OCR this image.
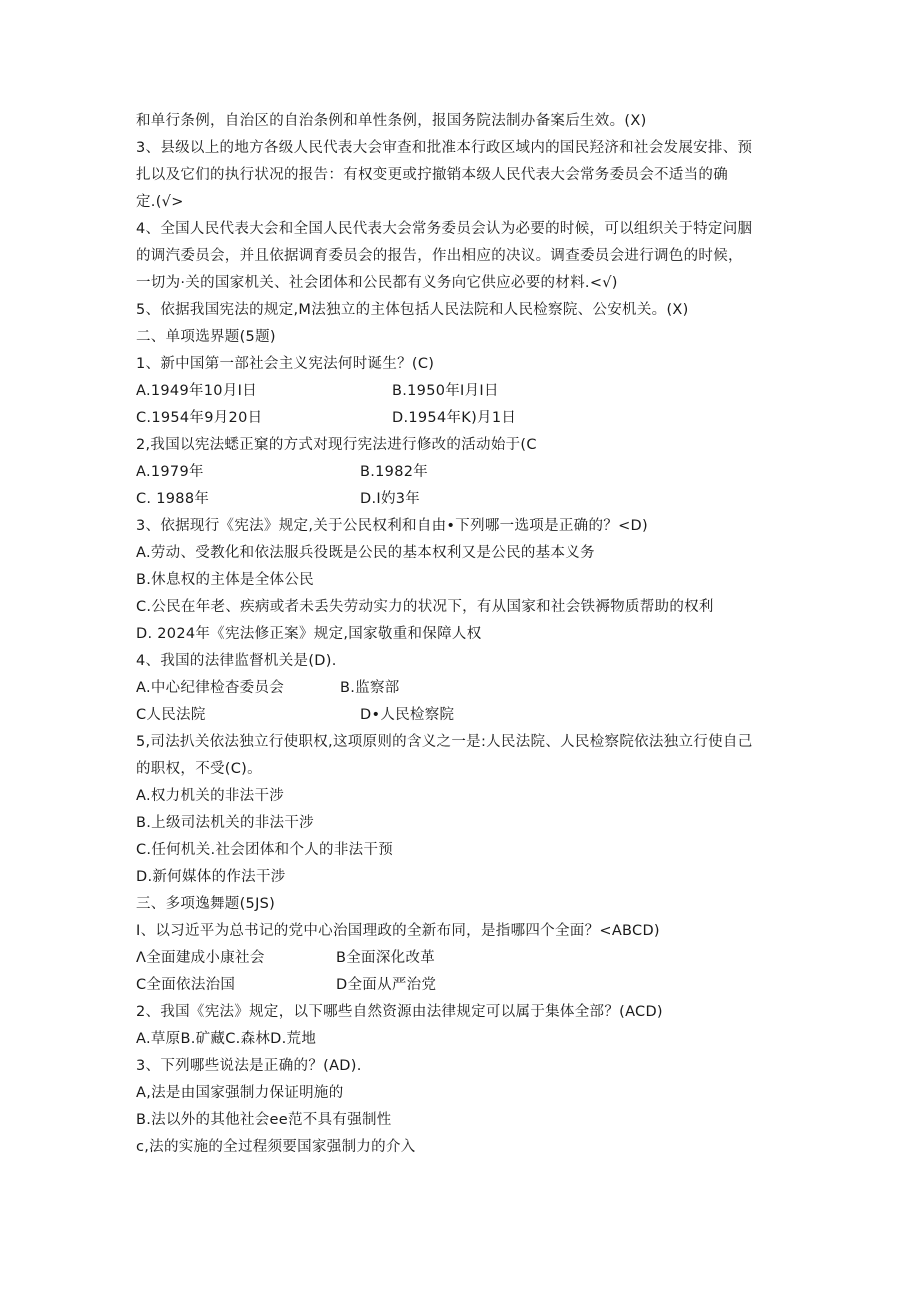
和单行条例，自治区的自治条例和单性条例，报国务院法制办备案后生效。(X)
3、县级以上的地方各级人民代表大会审查和批准本行政区域内的国民羟济和社会发展安排、预
扎以及它们的执行状况的报告：有权变更或拧撤销本级人民代表大会常务委员会不适当的确
定.(√>
4、全国人民代表大会和全国人民代表大会常务委员会认为必要的时候，可以组织关于特定问胭
的调汽委员会，并且依据调育委员会的报告，作出相应的决议。调查委员会进行调色的时候，
一切为·关的国家机关、社会团体和公民都有义务向它供应必要的材料.<√)
5、依据我国宪法的规定,M法独立的主体包括人民法院和人民检察院、公安机关。(X)
二、单项选界题(5题)
1、新中国第一部社会主义宪法何时诞生？(C)
A.1949年10月I日	B.1950年I月I日
C.1954年9月20日	D.1954年K)月1日
2,我国以宪法蟋正窠的方式对现行宪法进行修改的活动始于(C
A.1979年	B.1982年
C. 1988年	D.I妁3年
3、依据现行《宪法》规定,关于公民权利和自由•下列哪一选项是正确的？<D)
A.劳动、受教化和依法服兵役既是公民的基本权利又是公民的基本义务
B.休息权的主体是全体公民
C.公民在年老、疾病或者未丢失劳动实力的状况下，有从国家和社会铁褥物质帮助的权利
D. 2024年《宪法修正案》规定,国家敬重和保障人权
4、我国的法律监督机关是(D).
A.中心纪律检杳委员会	B.监察部
C人民法院	D•人民检察院
5,司法扒关依法独立行使职权,这项原则的含义之一是:人民法院、人民检察院依法独立行使自己
的职权，不受(C)。
A.权力机关的非法干涉
B.上级司法机关的非法干涉
C.任何机关.社会团体和个人的非法干预
D.新何媒体的作法干涉
三、多项逸舞题(5JS)
I、以习近平为总书记的党中心治国理政的全新布同，是指哪四个全面？<ABCD)
Λ全面建成小康社会	B全面深化改革
C全面依法治国	D全面从严治党
2、我国《宪法》规定，以下哪些自然资源由法律规定可以属于集体全部？(ACD)
A.草原B.矿藏C.森林D.荒地
3、下列哪些说法是正确的？(AD).
A,法是由国家强制力保证明施的
B.法以外的其他社会ee范不具有强制性
c,法的实施的全过程须要国家强制力的介入
